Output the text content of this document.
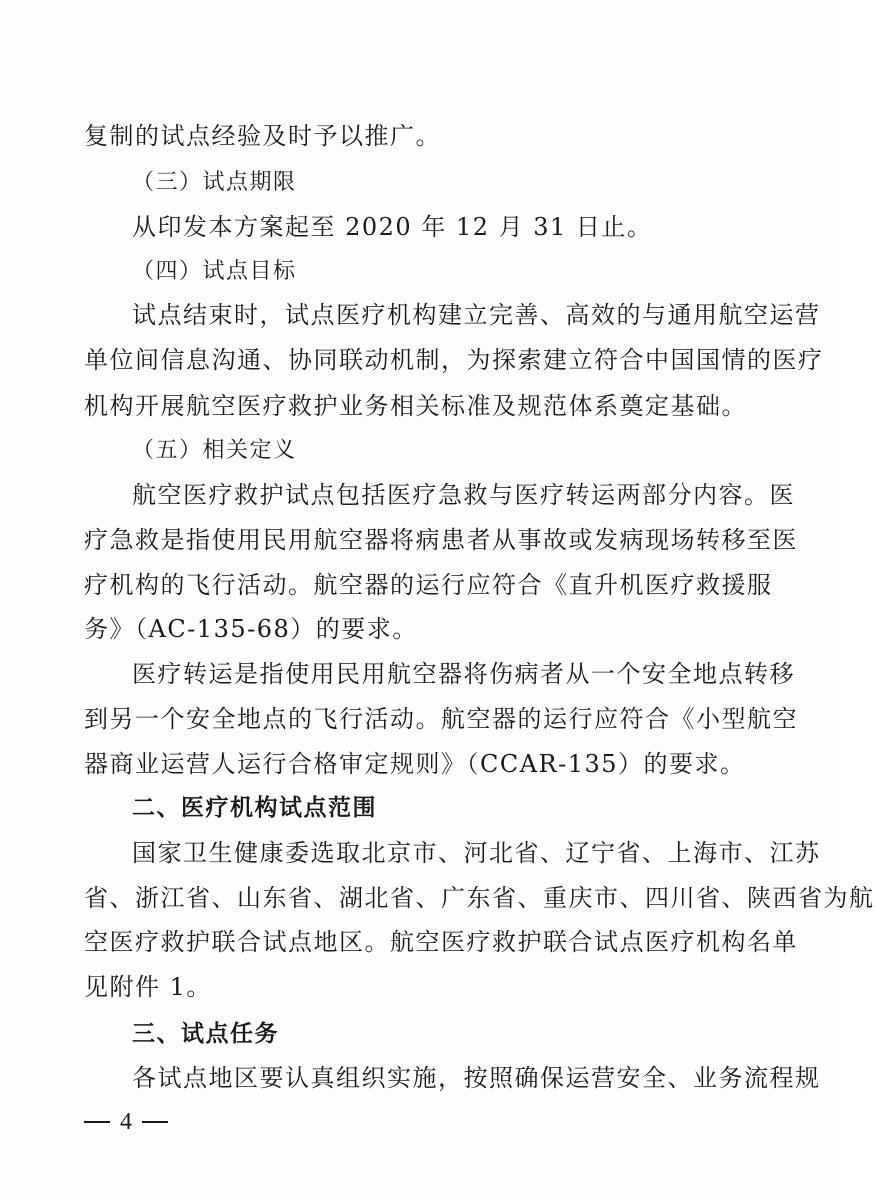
复制的试点经验及时予以推广。
（三）试点期限
从印发本方案起至 2020 年 12 月 31 日止。
（四）试点目标
试点结束时，试点医疗机构建立完善、高效的与通用航空运营
单位间信息沟通、协同联动机制，为探索建立符合中国国情的医疗
机构开展航空医疗救护业务相关标准及规范体系奠定基础。
（五）相关定义
航空医疗救护试点包括医疗急救与医疗转运两部分内容。医
疗急救是指使用民用航空器将病患者从事故或发病现场转移至医
疗机构的飞行活动。航空器的运行应符合《直升机医疗救援服
务》（AC-135-68）的要求。
医疗转运是指使用民用航空器将伤病者从一个安全地点转移
到另一个安全地点的飞行活动。航空器的运行应符合《小型航空
器商业运营人运行合格审定规则》（CCAR-135）的要求。
二、医疗机构试点范围
国家卫生健康委选取北京市、河北省、辽宁省、上海市、江苏
省、浙江省、山东省、湖北省、广东省、重庆市、四川省、陕西省为航
空医疗救护联合试点地区。航空医疗救护联合试点医疗机构名单
见附件 1。
三、试点任务
各试点地区要认真组织实施，按照确保运营安全、业务流程规
4
